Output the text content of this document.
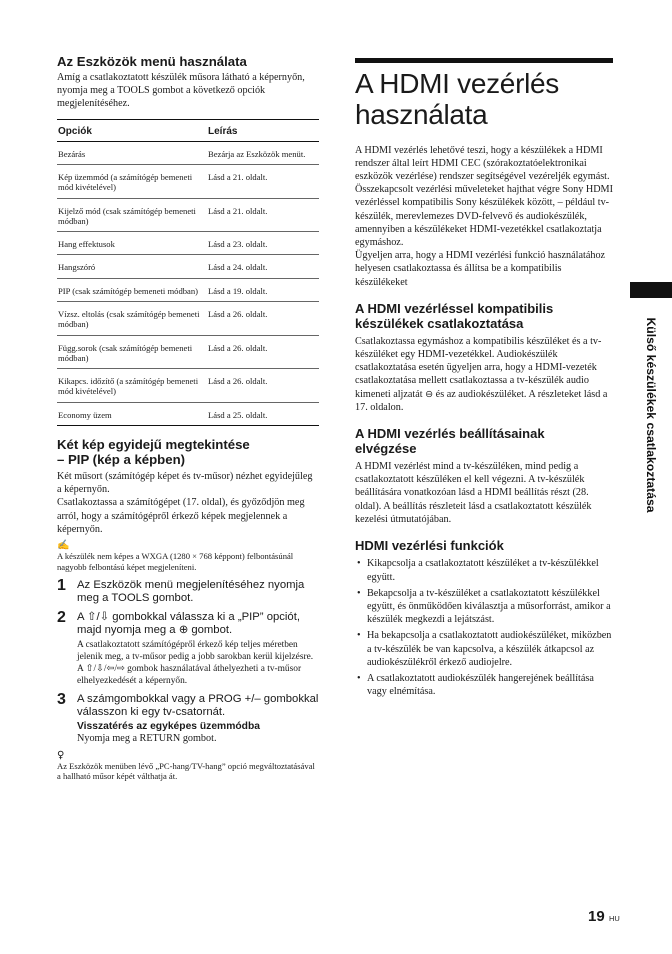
Az Eszközök menü használata

Amíg a csatlakoztatott készülék műsora látható a képernyőn, nyomja meg a TOOLS gombot a következő opciók megjelenítéséhez.

Opciók	Leírás
Bezárás	Bezárja az Eszközök menüt.
Kép üzemmód (a számítógép bemeneti mód kivételével)	Lásd a 21. oldalt.
Kijelző mód (csak számítógép bemeneti módban)	Lásd a 21. oldalt.
Hang effektusok	Lásd a 23. oldalt.
Hangszóró	Lásd a 24. oldalt.
PIP (csak számítógép bemeneti módban)	Lásd a 19. oldalt.
Vízsz. eltolás (csak számítógép bemeneti módban)	Lásd a 26. oldalt.
Függ.sorok (csak számítógép bemeneti módban)	Lásd a 26. oldalt.
Kikapcs. időzítő (a számítógép bemeneti mód kivételével)	Lásd a 26. oldalt.
Economy üzem	Lásd a 25. oldalt.
Két kép egyidejű megtekintése
– PIP (kép a képben)

Két műsort (számítógép képet és tv-műsor) nézhet egyidejűleg a képernyőn.

Csatlakoztassa a számítógépet (17. oldal), és győződjön meg arról, hogy a számítógépről érkező képek megjelennek a képernyőn.

✍

A készülék nem képes a WXGA (1280 × 768 képpont) felbontásúnál nagyobb felbontású képet megjeleníteni.

1 Az Eszközök menü megjelenítéséhez nyomja meg a TOOLS gombot.
2 A ⇧/⇩ gombokkal válassza ki a „PIP” opciót, majd nyomja meg a ⊕ gombot.
A csatlakoztatott számítógépről érkező kép teljes méretben jelenik meg, a tv-műsor pedig a jobb sarokban kerül kijelzésre.
A ⇧/⇩/⇦/⇨ gombok használatával áthelyezheti a tv-műsor elhelyezkedését a képernyőn.
3 A számgombokkal vagy a PROG +/– gombokkal válasszon ki egy tv-csatornát.
Visszatérés az egyképes üzemmódba
Nyomja meg a RETURN gombot.
♀

Az Eszközök menüben lévő „PC-hang/TV-hang” opció megváltoztatásával a hallható műsor képét válthatja át.

A HDMI vezérlés
használata

A HDMI vezérlés lehetővé teszi, hogy a készülékek a HDMI rendszer által leírt HDMI CEC (szórakoztatóelektronikai eszközök vezérlése) rendszer segítségével vezéreljék egymást. Összekapcsolt vezérlési műveleteket hajthat végre Sony HDMI vezérléssel kompatibilis Sony készülékek között, – például tv-készülék, merevlemezes DVD-felvevő és audiokészülék, amennyiben a készülékeket HDMI-vezetékkel csatlakoztatja egymáshoz.

Ügyeljen arra, hogy a HDMI vezérlési funkció használatához helyesen csatlakoztassa és állítsa be a kompatibilis készülékeket

A HDMI vezérléssel kompatibilis
készülékek csatlakoztatása

Csatlakoztassa egymáshoz a kompatibilis készüléket és a tv-készüléket egy HDMI-vezetékkel. Audiokészülék csatlakoztatása esetén ügyeljen arra, hogy a HDMI-vezeték csatlakoztatása mellett csatlakoztassa a tv-készülék audio kimeneti aljzatát ⊖ és az audiokészüléket. A részleteket lásd a 17. oldalon.

A HDMI vezérlés beállításainak
elvégzése

A HDMI vezérlést mind a tv-készüléken, mind pedig a csatlakoztatott készüléken el kell végezni. A tv-készülék beállítására vonatkozóan lásd a HDMI beállítás részt (28. oldal). A beállítás részleteit lásd a csatlakoztatott készülék kezelési útmutatójában.

HDMI vezérlési funkciók
• Kikapcsolja a csatlakoztatott készüléket a tv-készülékkel együtt.
• Bekapcsolja a tv-készüléket a csatlakoztatott készülékkel együtt, és önműködően kiválasztja a műsorforrást, amikor a készülék megkezdi a lejátszást.
• Ha bekapcsolja a csatlakoztatott audiokészüléket, miközben a tv-készülék be van kapcsolva, a készülék átkapcsol az audiokészülékről érkező audiojelre.
• A csatlakoztatott audiokészülék hangerejének beállítása vagy elnémítása.
Külső készülékek csatlakoztatása
19 HU
